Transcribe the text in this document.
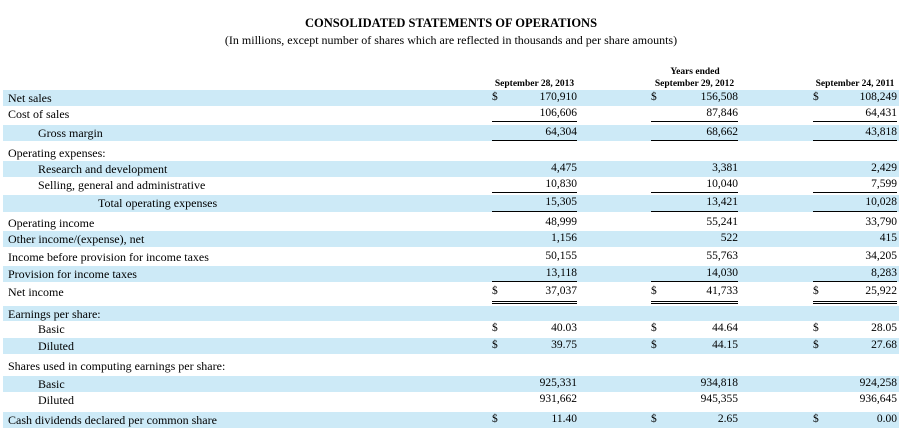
CONSOLIDATED STATEMENTS OF OPERATIONS
(In millions, except number of shares which are reflected in thousands and per share amounts)
Years ended
September 28, 2013	September 29, 2012	September 24, 2011
Net sales	$	170,910	$	156,508	$	108,249
Cost of sales	106,606	87,846	64,431
Gross margin	64,304	68,662	43,818
Operating expenses:
Research and development	4,475	3,381	2,429
Selling, general and administrative	10,830	10,040	7,599
Total operating expenses	15,305	13,421	10,028
Operating income	48,999	55,241	33,790
Other income/(expense), net	1,156	522	415
Income before provision for income taxes	50,155	55,763	34,205
Provision for income taxes	13,118	14,030	8,283
Net income	$	37,037	$	41,733	$	25,922
Earnings per share:
Basic	$	40.03	$	44.64	$	28.05
Diluted	$	39.75	$	44.15	$	27.68
Shares used in computing earnings per share:
Basic	925,331	934,818	924,258
Diluted	931,662	945,355	936,645
Cash dividends declared per common share	$	11.40	$	2.65	$	0.00
